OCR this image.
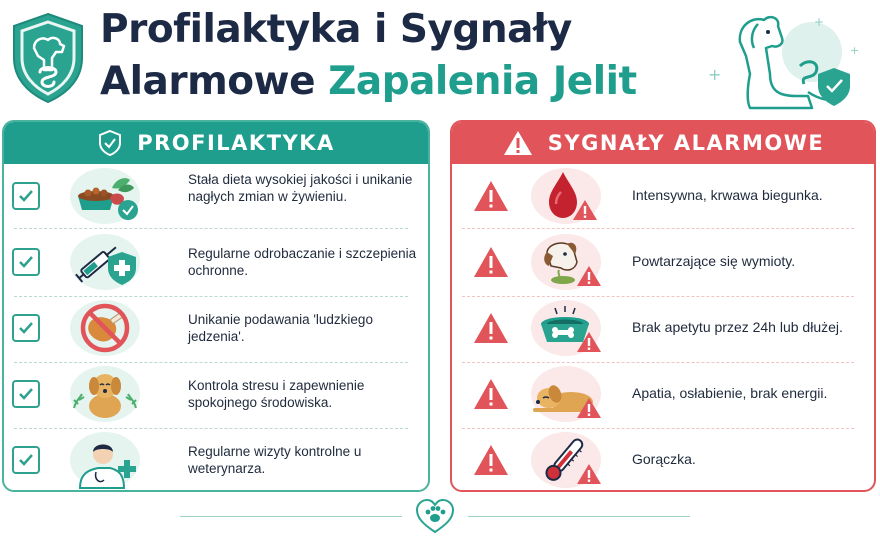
Profilaktyka i Sygnały
Alarmowe Zapalenia Jelit	+
+
+
PROFILAKTYKA
Stała dieta wysokiej jakości i unikanie nagłych zmian w żywieniu.
Regularne odrobaczanie i szczepienia ochronne.
Unikanie podawania 'ludzkiego jedzenia'.
Kontrola stresu i zapewnienie spokojnego środowiska.
Regularne wizyty kontrolne u weterynarza.
SYGNAŁY ALARMOWE
Intensywna, krwawa biegunka.
Powtarzające się wymioty.
Brak apetytu przez 24h lub dłużej.
Apatia, osłabienie, brak energii.
Gorączka.
